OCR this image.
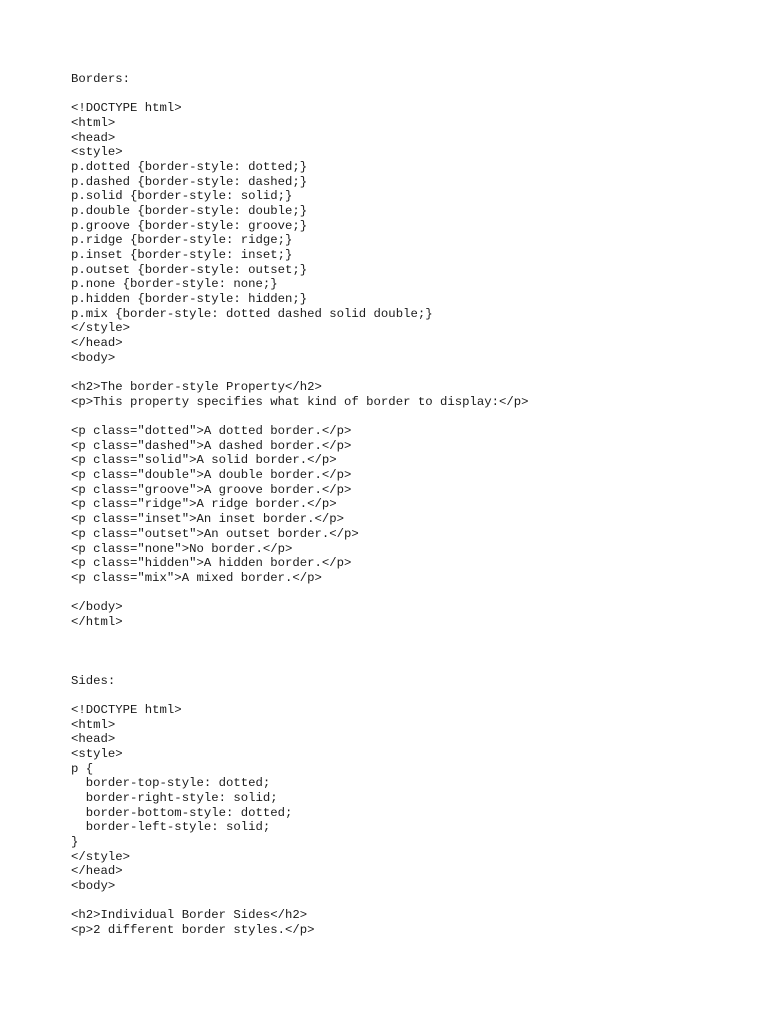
Borders:
<!DOCTYPE html>
<html>
<head>
<style>
p.dotted {border-style: dotted;}
p.dashed {border-style: dashed;}
p.solid {border-style: solid;}
p.double {border-style: double;}
p.groove {border-style: groove;}
p.ridge {border-style: ridge;}
p.inset {border-style: inset;}
p.outset {border-style: outset;}
p.none {border-style: none;}
p.hidden {border-style: hidden;}
p.mix {border-style: dotted dashed solid double;}
</style>
</head>
<body>
<h2>The border-style Property</h2>
<p>This property specifies what kind of border to display:</p>
<p class="dotted">A dotted border.</p>
<p class="dashed">A dashed border.</p>
<p class="solid">A solid border.</p>
<p class="double">A double border.</p>
<p class="groove">A groove border.</p>
<p class="ridge">A ridge border.</p>
<p class="inset">An inset border.</p>
<p class="outset">An outset border.</p>
<p class="none">No border.</p>
<p class="hidden">A hidden border.</p>
<p class="mix">A mixed border.</p>
</body>
</html>
Sides:
<!DOCTYPE html>
<html>
<head>
<style>
p {
border-top-style: dotted;
border-right-style: solid;
border-bottom-style: dotted;
border-left-style: solid;
}
</style>
</head>
<body>
<h2>Individual Border Sides</h2>
<p>2 different border styles.</p>
